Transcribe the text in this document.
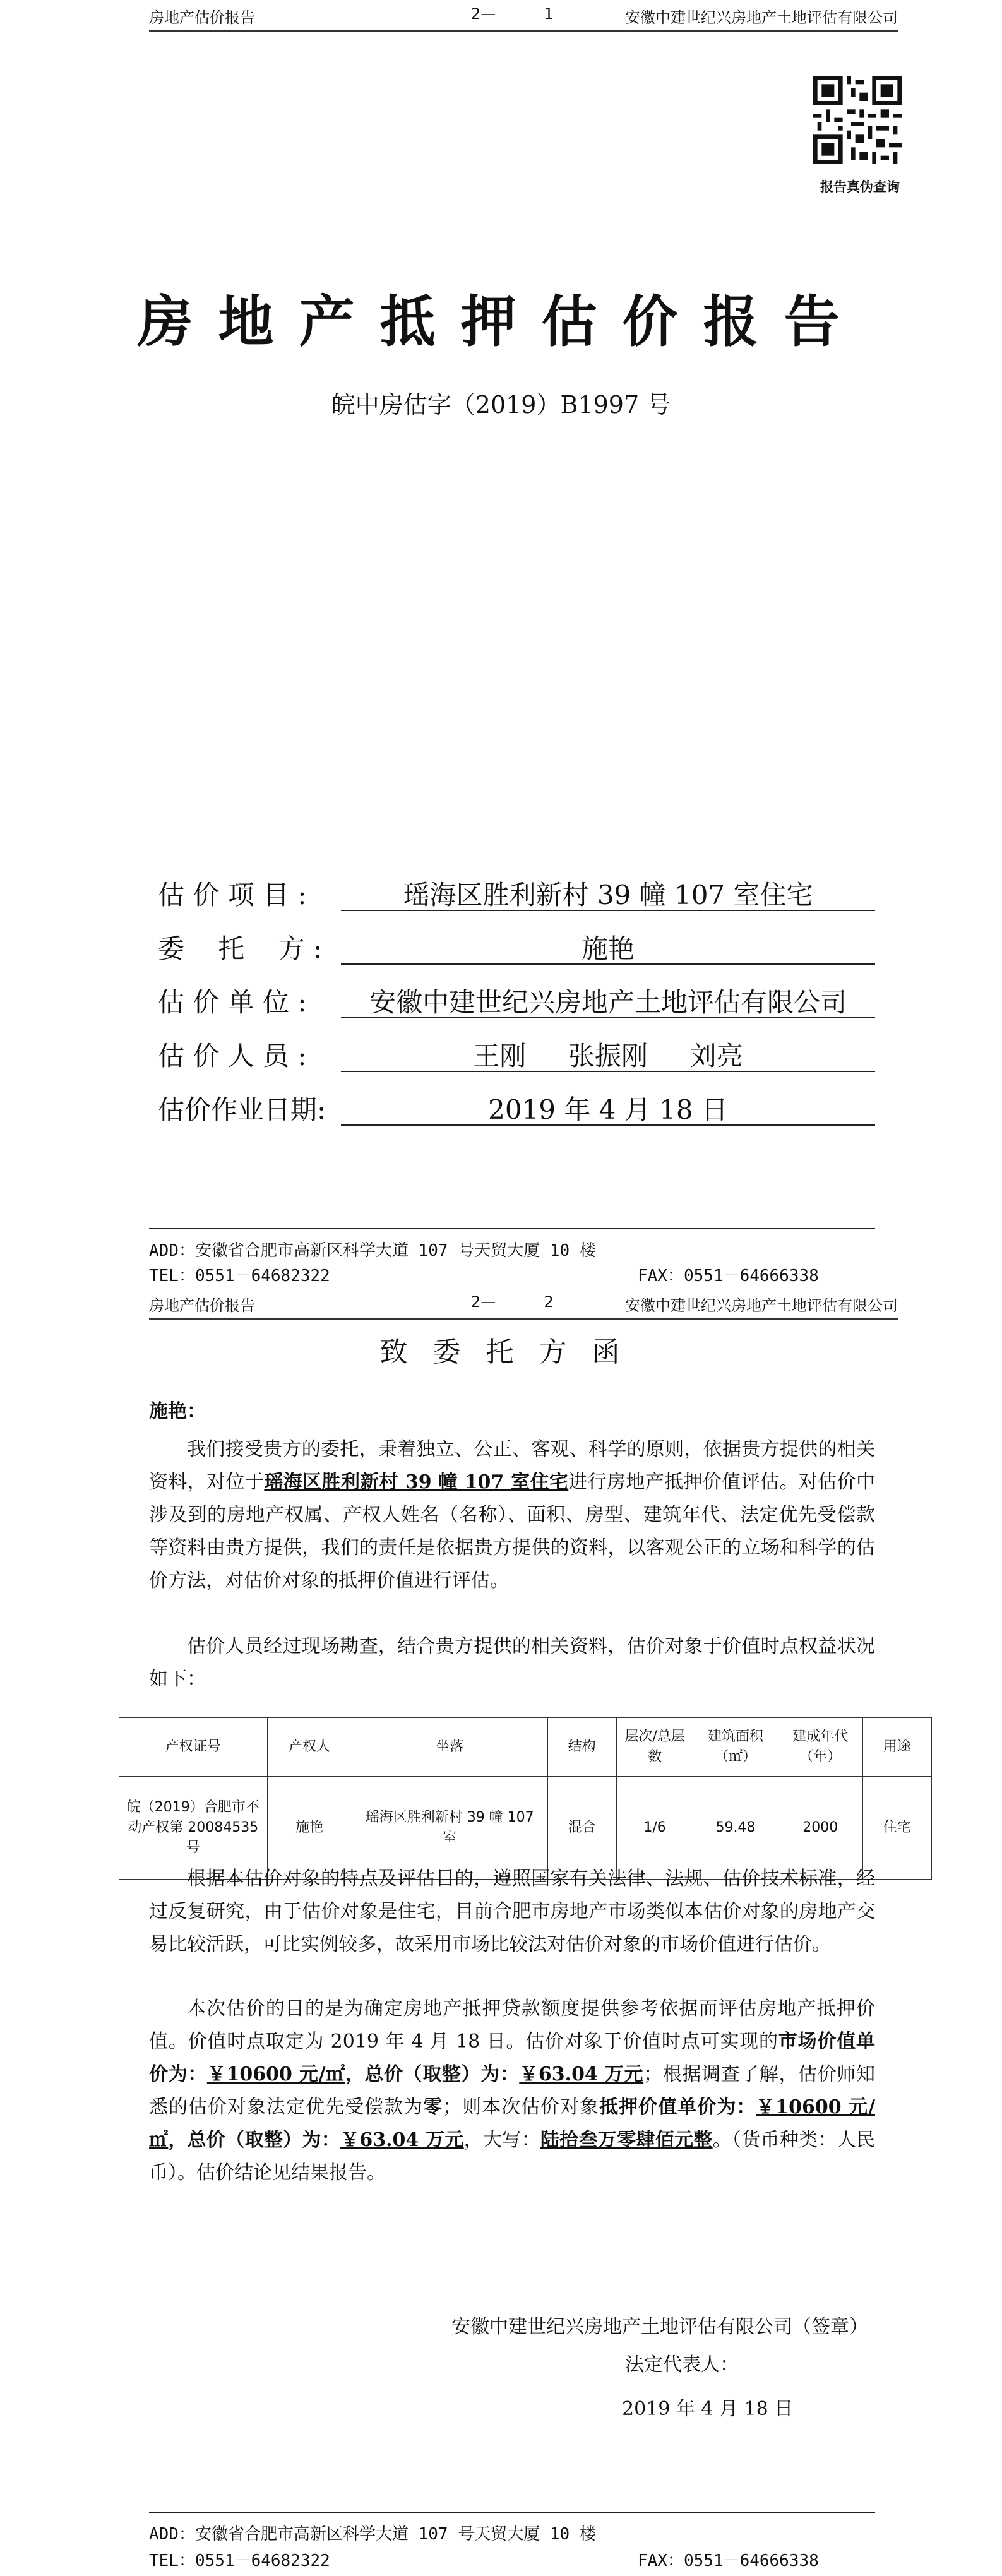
房地产估价报告	2—          1	安徽中建世纪兴房地产土地评估有限公司
报告真伪查询
房地产抵押估价报告
皖中房估字（2019）B1997 号
估 价 项 目 :	瑶海区胜利新村 39 幢 107 室住宅
委    托    方 :	施艳
估 价 单 位 :	安徽中建世纪兴房地产土地评估有限公司
估 价 人 员 :	王刚     张振刚     刘亮
估价作业日期:	2019 年 4 月 18 日
ADD：安徽省合肥市高新区科学大道 107 号天贸大厦 10 楼
TEL：0551－64682322	FAX：0551－64666338
房地产估价报告	2—          2	安徽中建世纪兴房地产土地评估有限公司
致  委  托  方  函
施艳：
我们接受贵方的委托，秉着独立、公正、客观、科学的原则，依据贵方提供的相关资料，对位于瑶海区胜利新村 39 幢 107 室住宅进行房地产抵押价值评估。对估价中涉及到的房地产权属、产权人姓名（名称）、面积、房型、建筑年代、法定优先受偿款等资料由贵方提供，我们的责任是依据贵方提供的资料，以客观公正的立场和科学的估价方法，对估价对象的抵押价值进行评估。
估价人员经过现场勘查，结合贵方提供的相关资料，估价对象于价值时点权益状况如下：
产权证号	产权人	坐落	结构	层次/总层数	建筑面积（㎡）	建成年代（年）	用途
皖（2019）合肥市不动产权第 20084535 号	施艳	瑶海区胜利新村 39 幢 107 室	混合	1/6	59.48	2000	住宅
根据本估价对象的特点及评估目的，遵照国家有关法律、法规、估价技术标准，经过反复研究，由于估价对象是住宅，目前合肥市房地产市场类似本估价对象的房地产交易比较活跃，可比实例较多，故采用市场比较法对估价对象的市场价值进行估价。
本次估价的目的是为确定房地产抵押贷款额度提供参考依据而评估房地产抵押价值。价值时点取定为 2019 年 4 月 18 日。估价对象于价值时点可实现的市场价值单价为：￥10600 元/㎡，总价（取整）为：￥63.04 万元；根据调查了解，估价师知悉的估价对象法定优先受偿款为零；则本次估价对象抵押价值单价为：￥10600 元/㎡，总价（取整）为：￥63.04 万元，大写：陆拾叁万零肆佰元整。（货币种类：人民币）。估价结论见结果报告。
安徽中建世纪兴房地产土地评估有限公司（签章）
法定代表人：
2019 年 4 月 18 日
ADD：安徽省合肥市高新区科学大道 107 号天贸大厦 10 楼
TEL：0551－64682322	FAX：0551－64666338
